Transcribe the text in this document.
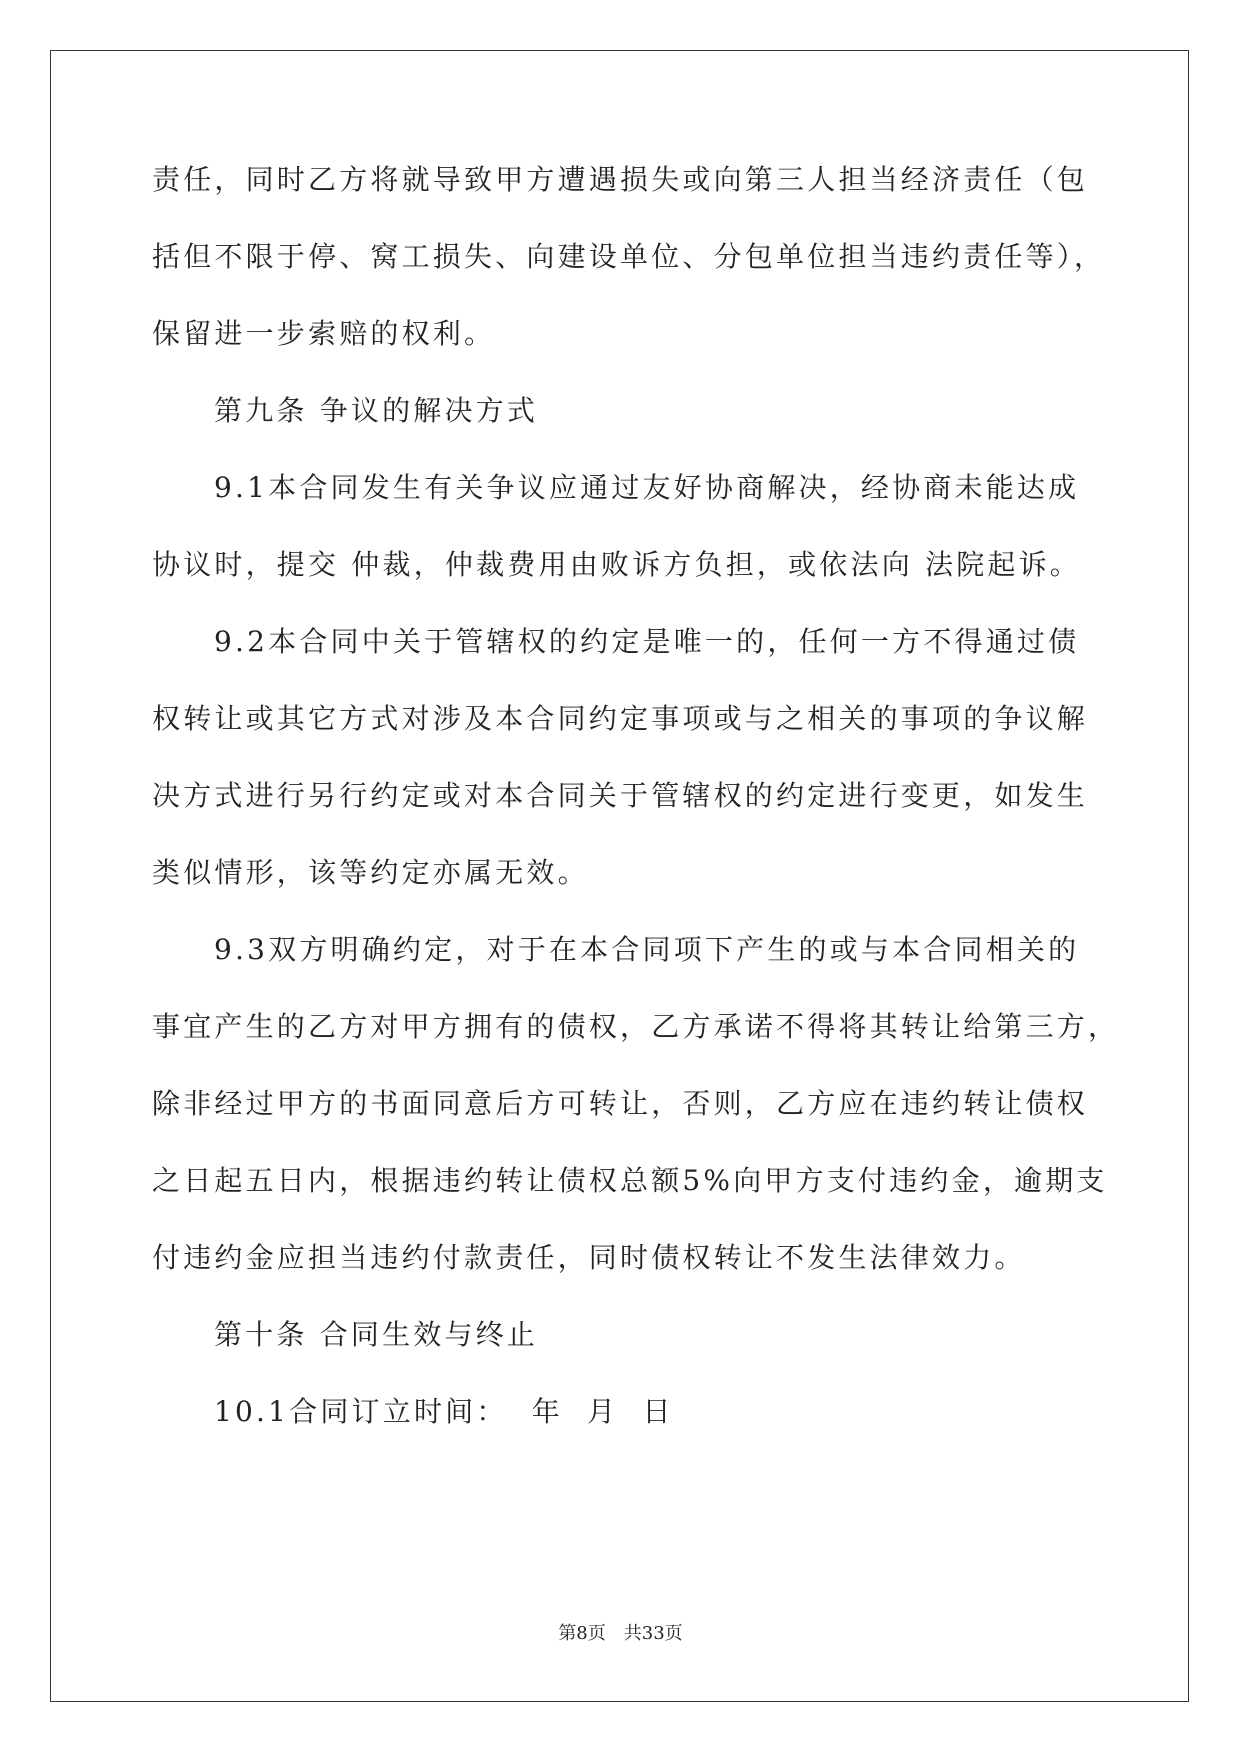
责任，同时乙方将就导致甲方遭遇损失或向第三人担当经济责任（包
括但不限于停、窝工损失、向建设单位、分包单位担当违约责任等），
保留进一步索赔的权利。
第九条 争议的解决方式
9.1本合同发生有关争议应通过友好协商解决，经协商未能达成
协议时，提交 仲裁，仲裁费用由败诉方负担，或依法向 法院起诉。
9.2本合同中关于管辖权的约定是唯一的，任何一方不得通过债
权转让或其它方式对涉及本合同约定事项或与之相关的事项的争议解
决方式进行另行约定或对本合同关于管辖权的约定进行变更，如发生
类似情形，该等约定亦属无效。
9.3双方明确约定，对于在本合同项下产生的或与本合同相关的
事宜产生的乙方对甲方拥有的债权，乙方承诺不得将其转让给第三方，
除非经过甲方的书面同意后方可转让，否则，乙方应在违约转让债权
之日起五日内，根据违约转让债权总额5%向甲方支付违约金，逾期支
付违约金应担当违约付款责任，同时债权转让不发生法律效力。
第十条 合同生效与终止
10.1合同订立时间：  年  月  日
第8页 共33页
